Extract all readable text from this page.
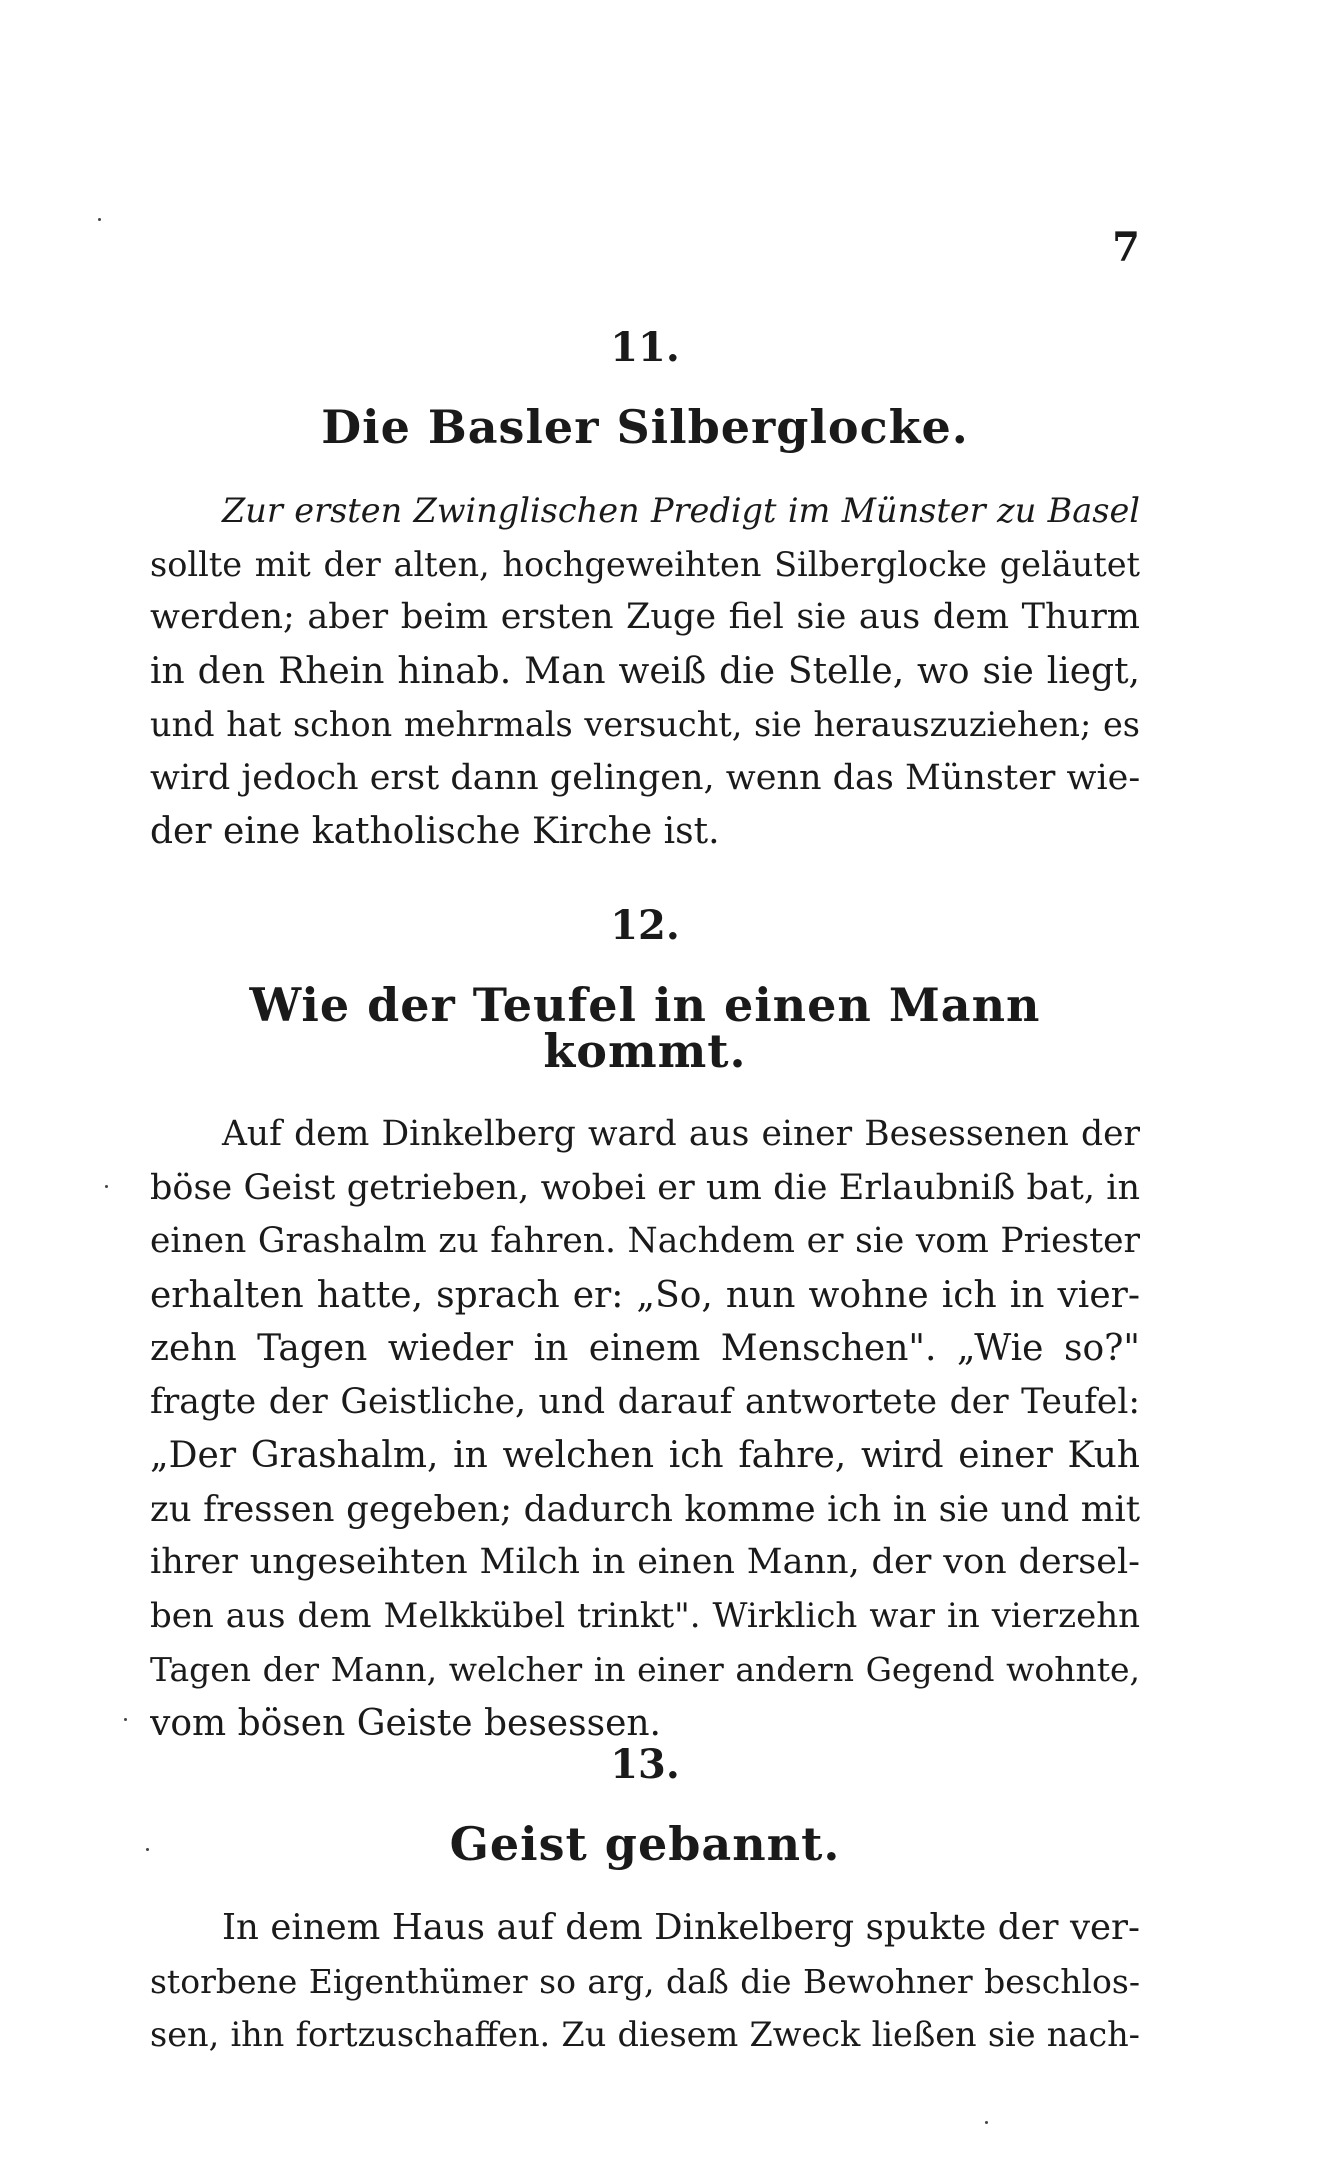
7
11.
Die Basler Silberglocke.
Zur ersten Zwinglischen Predigt im Münster zu Basel
sollte mit der alten, hochgeweihten Silberglocke geläutet
werden; aber beim ersten Zuge fiel sie aus dem Thurm
in den Rhein hinab. Man weiß die Stelle, wo sie liegt,
und hat schon mehrmals versucht, sie herauszuziehen; es
wird jedoch erst dann gelingen, wenn das Münster wie-
der eine katholische Kirche ist.
12.
Wie der Teufel in einen Mann kommt.
Auf dem Dinkelberg ward aus einer Besessenen der
böse Geist getrieben, wobei er um die Erlaubniß bat, in
einen Grashalm zu fahren. Nachdem er sie vom Priester
erhalten hatte, sprach er: „So, nun wohne ich in vier-
zehn Tagen wieder in einem Menschen". „Wie so?"
fragte der Geistliche, und darauf antwortete der Teufel:
„Der Grashalm, in welchen ich fahre, wird einer Kuh
zu fressen gegeben; dadurch komme ich in sie und mit
ihrer ungeseihten Milch in einen Mann, der von dersel-
ben aus dem Melkkübel trinkt". Wirklich war in vierzehn
Tagen der Mann, welcher in einer andern Gegend wohnte,
vom bösen Geiste besessen.
13.
Geist gebannt.
In einem Haus auf dem Dinkelberg spukte der ver-
storbene Eigenthümer so arg, daß die Bewohner beschlos-
sen, ihn fortzuschaffen. Zu diesem Zweck ließen sie nach-
